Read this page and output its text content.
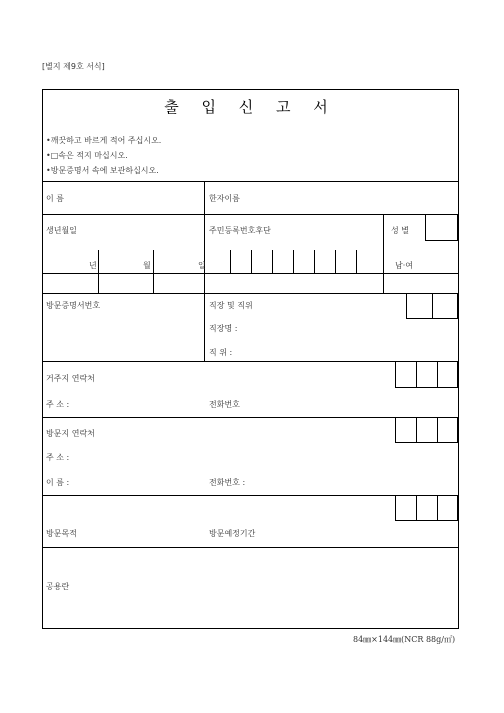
[별지 제9호 서식]
출 입 신 고 서
•깨끗하고 바르게 적어 주십시오.
•□속은 적지 마십시오.
•방문증명서 속에 보관하십시오.
이 름	한자이름
생년월일	주민등록번호후단	성 별
년	월	일	남·여
방문증명서번호	직장 및 직위
직장명 :
직 위 :
거주지 연락처
주 소 :	전화번호
방문지 연락처
주 소 :
이 름 :	전화번호 :
방문목적	방문예정기간
공용란
84㎜×144㎜(NCR 88g/㎡)
